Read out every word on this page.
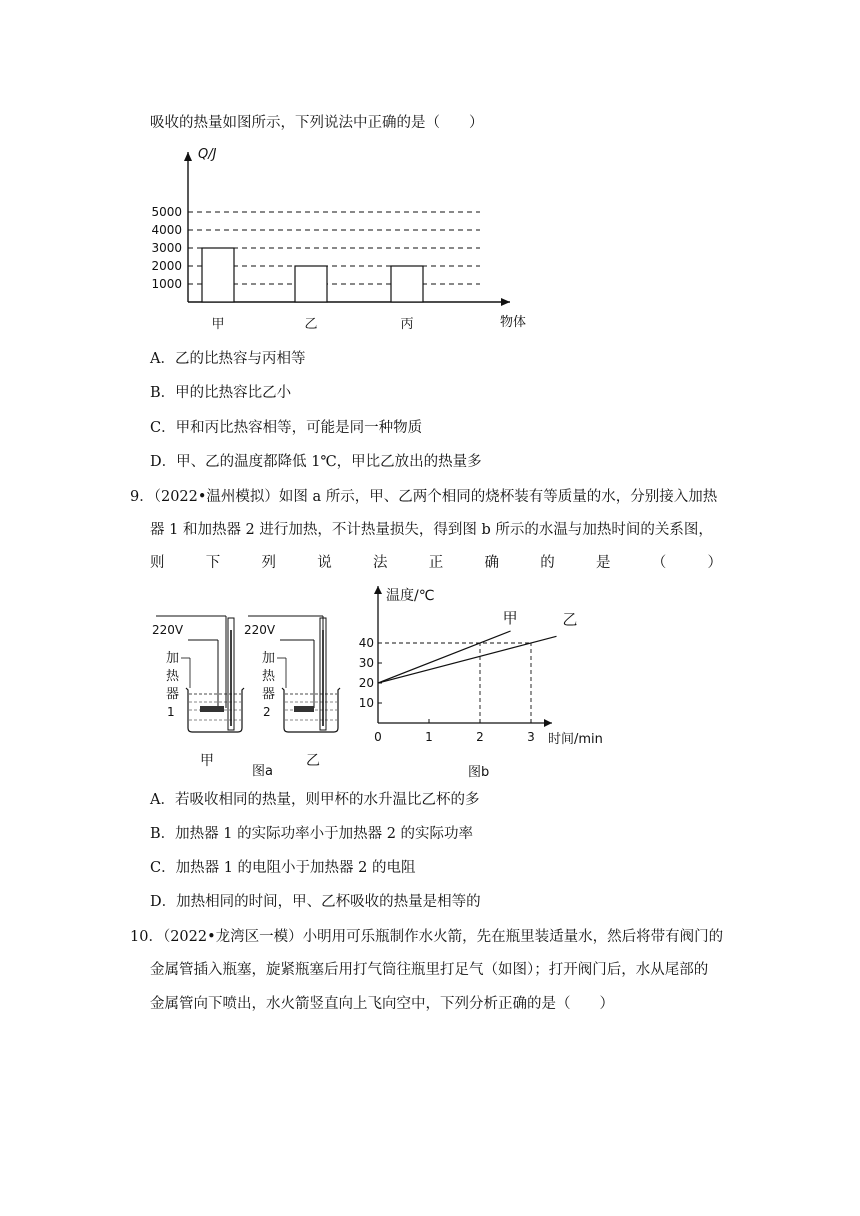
吸收的热量如图所示，下列说法中正确的是（　　）
Q/J
1000
2000
3000
4000
5000
甲	乙	丙	物体
A．乙的比热容与丙相等
B．甲的比热容比乙小
C．甲和丙比热容相等，可能是同一种物质
D．甲、乙的温度都降低 1℃，甲比乙放出的热量多
9．（2022•温州模拟）如图 a 所示，甲、乙两个相同的烧杯装有等质量的水，分别接入加热
器 1 和加热器 2 进行加热，不计热量损失，得到图 b 所示的水温与加热时间的关系图，
则	下	列	说	法	正	确	的	是	（	）
220V
加
热
器
1
甲
220V
加
热
器
2
乙
图a
温度/℃
时间/min
10
20
30
40
0	1	2	3
甲	乙
图b
A．若吸收相同的热量，则甲杯的水升温比乙杯的多
B．加热器 1 的实际功率小于加热器 2 的实际功率
C．加热器 1 的电阻小于加热器 2 的电阻
D．加热相同的时间，甲、乙杯吸收的热量是相等的
10．（2022•龙湾区一模）小明用可乐瓶制作水火箭，先在瓶里装适量水，然后将带有阀门的
金属管插入瓶塞，旋紧瓶塞后用打气筒往瓶里打足气（如图）；打开阀门后，水从尾部的
金属管向下喷出，水火箭竖直向上飞向空中，下列分析正确的是（　　）
